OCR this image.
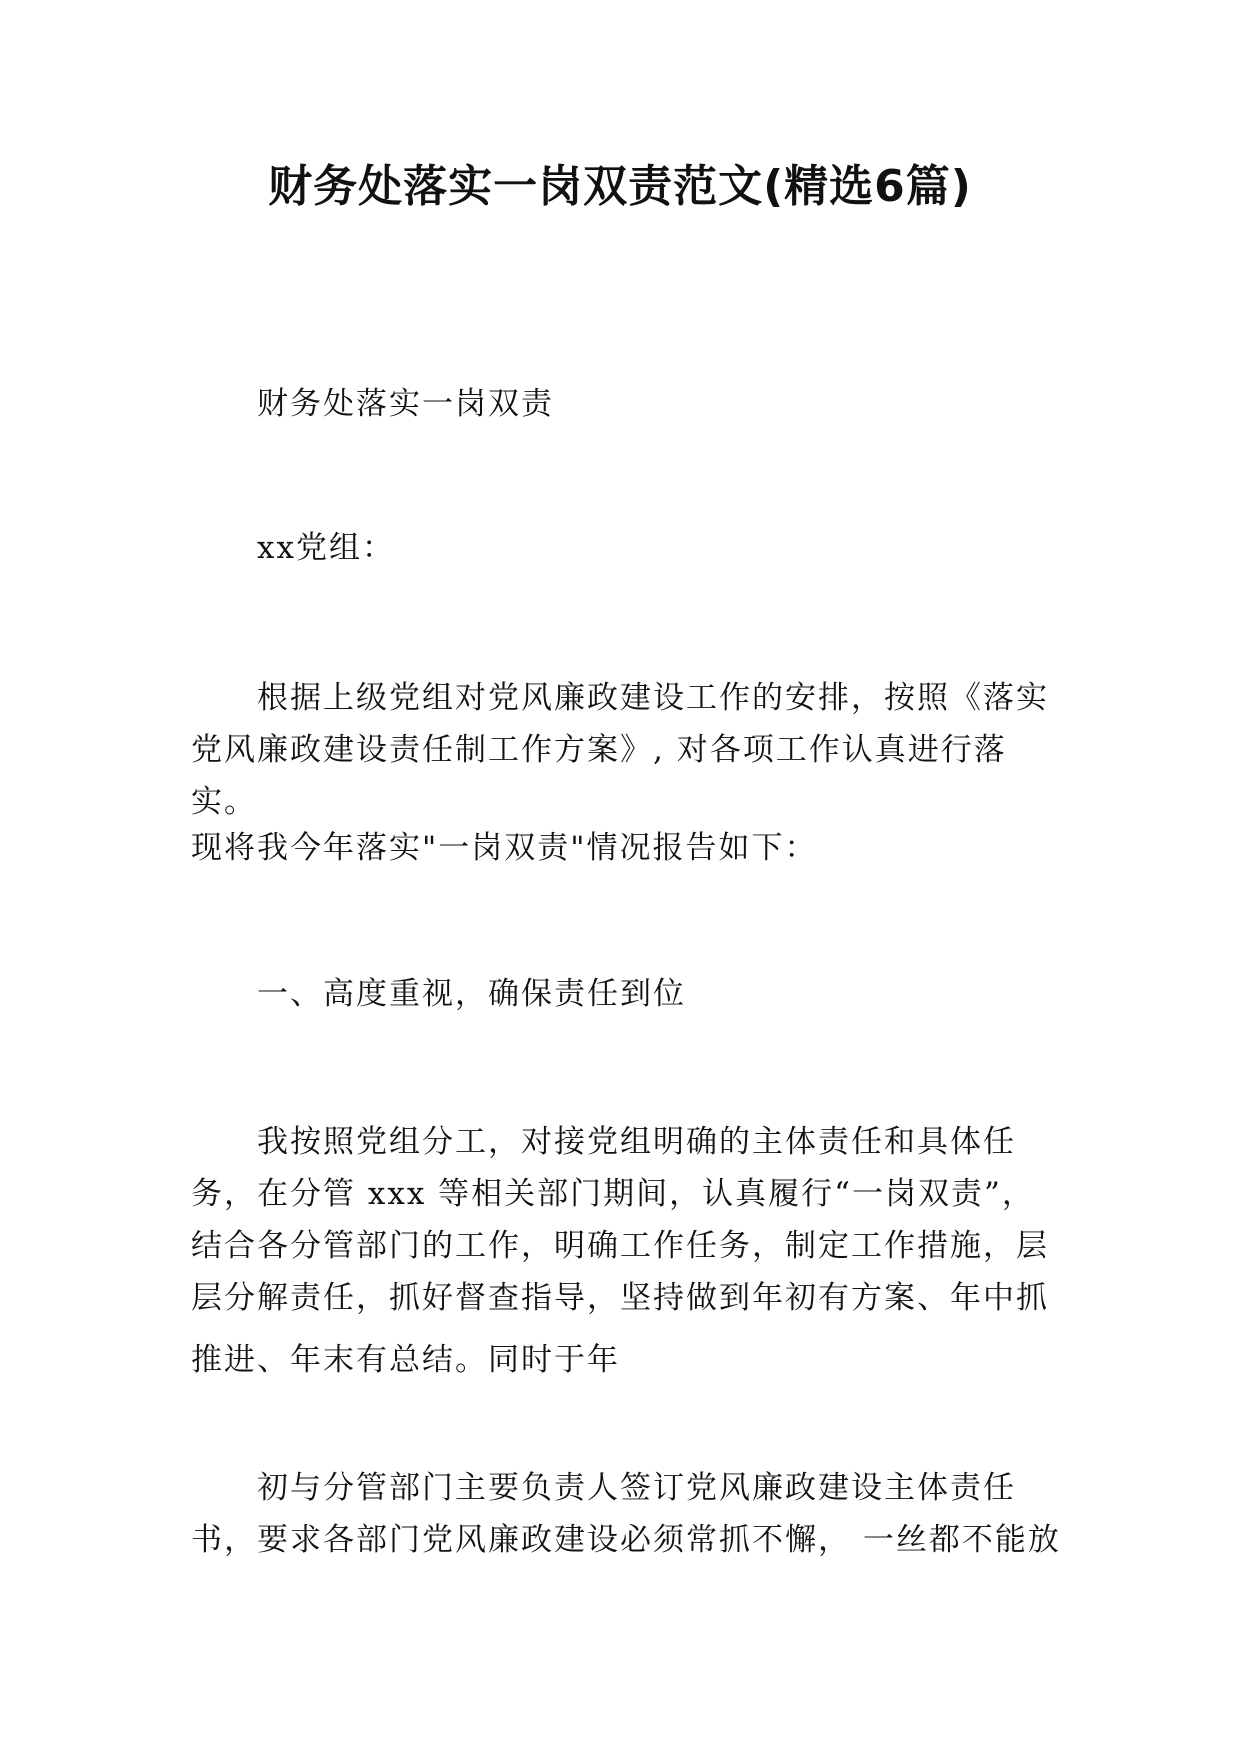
财务处落实一岗双责范文(精选6篇)
财务处落实一岗双责
xx党组：
根据上级党组对党风廉政建设工作的安排，按照《落实
党风廉政建设责任制工作方案》, 对各项工作认真进行落
实。
现将我今年落实"一岗双责"情况报告如下：
一、高度重视，确保责任到位
我按照党组分工，对接党组明确的主体责任和具体任
务，在分管 xxx 等相关部门期间，认真履行“一岗双责”，
结合各分管部门的工作，明确工作任务，制定工作措施，层
层分解责任，抓好督查指导，坚持做到年初有方案、年中抓
推进、年末有总结。同时于年
初与分管部门主要负责人签订党风廉政建设主体责任
书，要求各部门党风廉政建设必须常抓不懈， 一丝都不能放
